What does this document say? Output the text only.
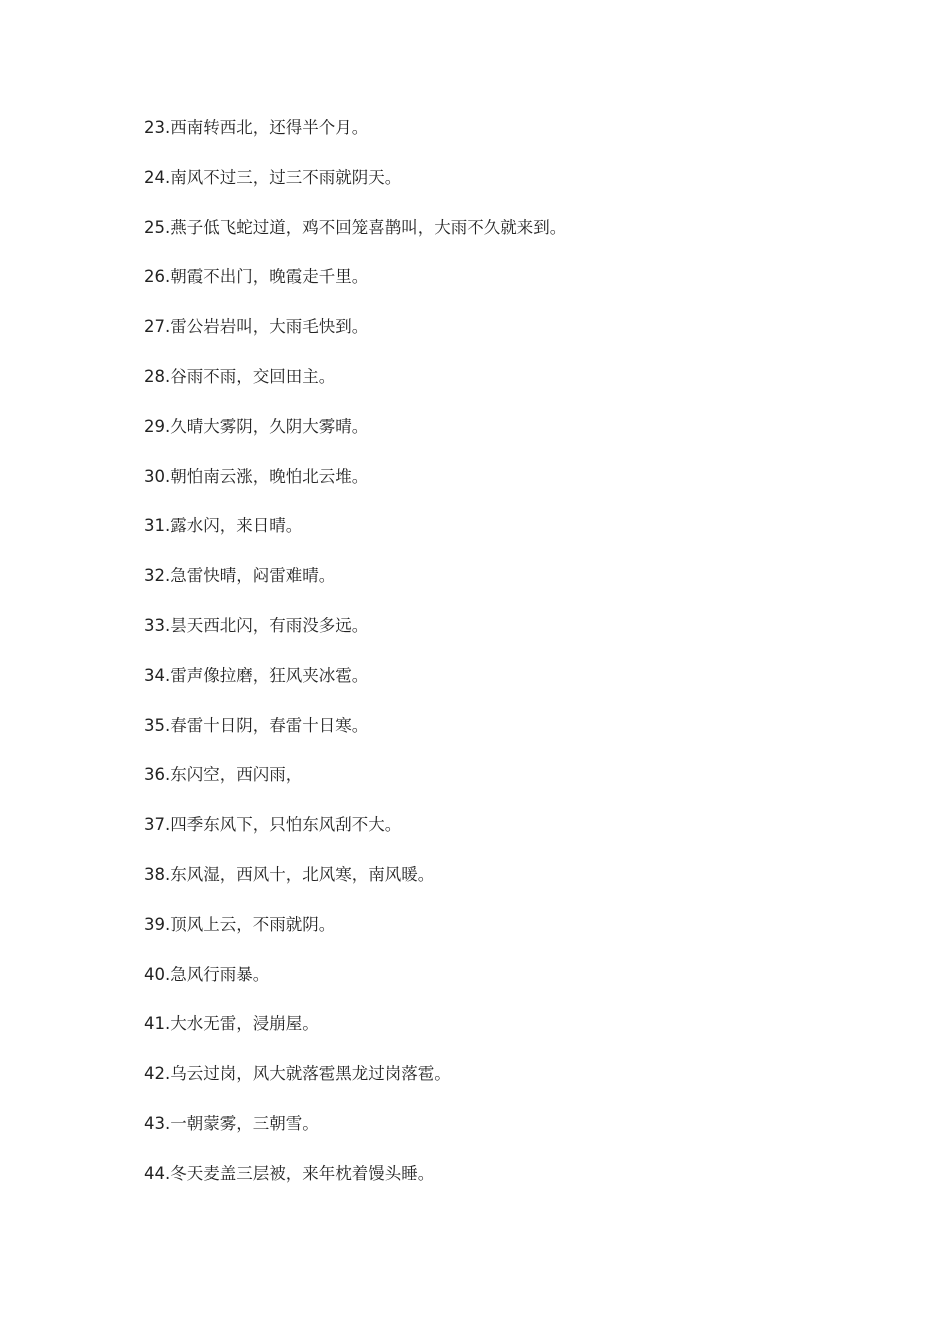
23.西南转西北，还得半个月。
24.南风不过三，过三不雨就阴天。
25.燕子低飞蛇过道，鸡不回笼喜鹊叫，大雨不久就来到。
26.朝霞不出门，晚霞走千里。
27.雷公岩岩叫，大雨毛快到。
28.谷雨不雨，交回田主。
29.久晴大雾阴，久阴大雾晴。
30.朝怕南云涨，晚怕北云堆。
31.露水闪，来日晴。
32.急雷快晴，闷雷难晴。
33.昙天西北闪，有雨没多远。
34.雷声像拉磨，狂风夹冰雹。
35.春雷十日阴，春雷十日寒。
36.东闪空，西闪雨，
37.四季东风下，只怕东风刮不大。
38.东风湿，西风十，北风寒，南风暖。
39.顶风上云，不雨就阴。
40.急风行雨暴。
41.大水无雷，浸崩屋。
42.乌云过岗，风大就落雹黑龙过岗落雹。
43.一朝蒙雾，三朝雪。
44.冬天麦盖三层被，来年枕着馒头睡。
